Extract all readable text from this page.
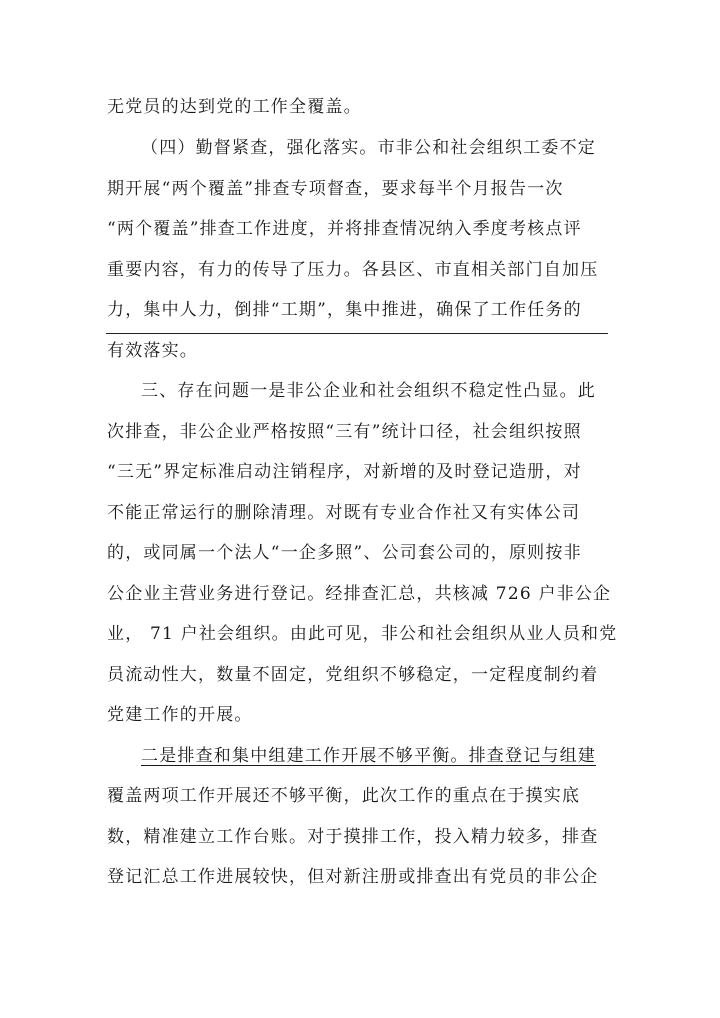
无党员的达到党的工作全覆盖。
（四）勤督紧查，强化落实。市非公和社会组织工委不定
期开展“两个覆盖”排查专项督查，要求每半个月报告一次
“两个覆盖”排查工作进度，并将排查情况纳入季度考核点评
重要内容，有力的传导了压力。各县区、市直相关部门自加压
力，集中人力，倒排“工期”，集中推进，确保了工作任务的
有效落实。
三、存在问题一是非公企业和社会组织不稳定性凸显。此
次排查，非公企业严格按照“三有”统计口径，社会组织按照
“三无”界定标准启动注销程序，对新增的及时登记造册，对
不能正常运行的删除清理。对既有专业合作社又有实体公司
的，或同属一个法人“一企多照”、公司套公司的，原则按非
公企业主营业务进行登记。经排查汇总，共核减 726 户非公企
业， 71 户社会组织。由此可见，非公和社会组织从业人员和党
员流动性大，数量不固定，党组织不够稳定，一定程度制约着
党建工作的开展。
二是排查和集中组建工作开展不够平衡。排查登记与组建
覆盖两项工作开展还不够平衡，此次工作的重点在于摸实底
数，精准建立工作台账。对于摸排工作，投入精力较多，排查
登记汇总工作进展较快，但对新注册或排查出有党员的非公企
